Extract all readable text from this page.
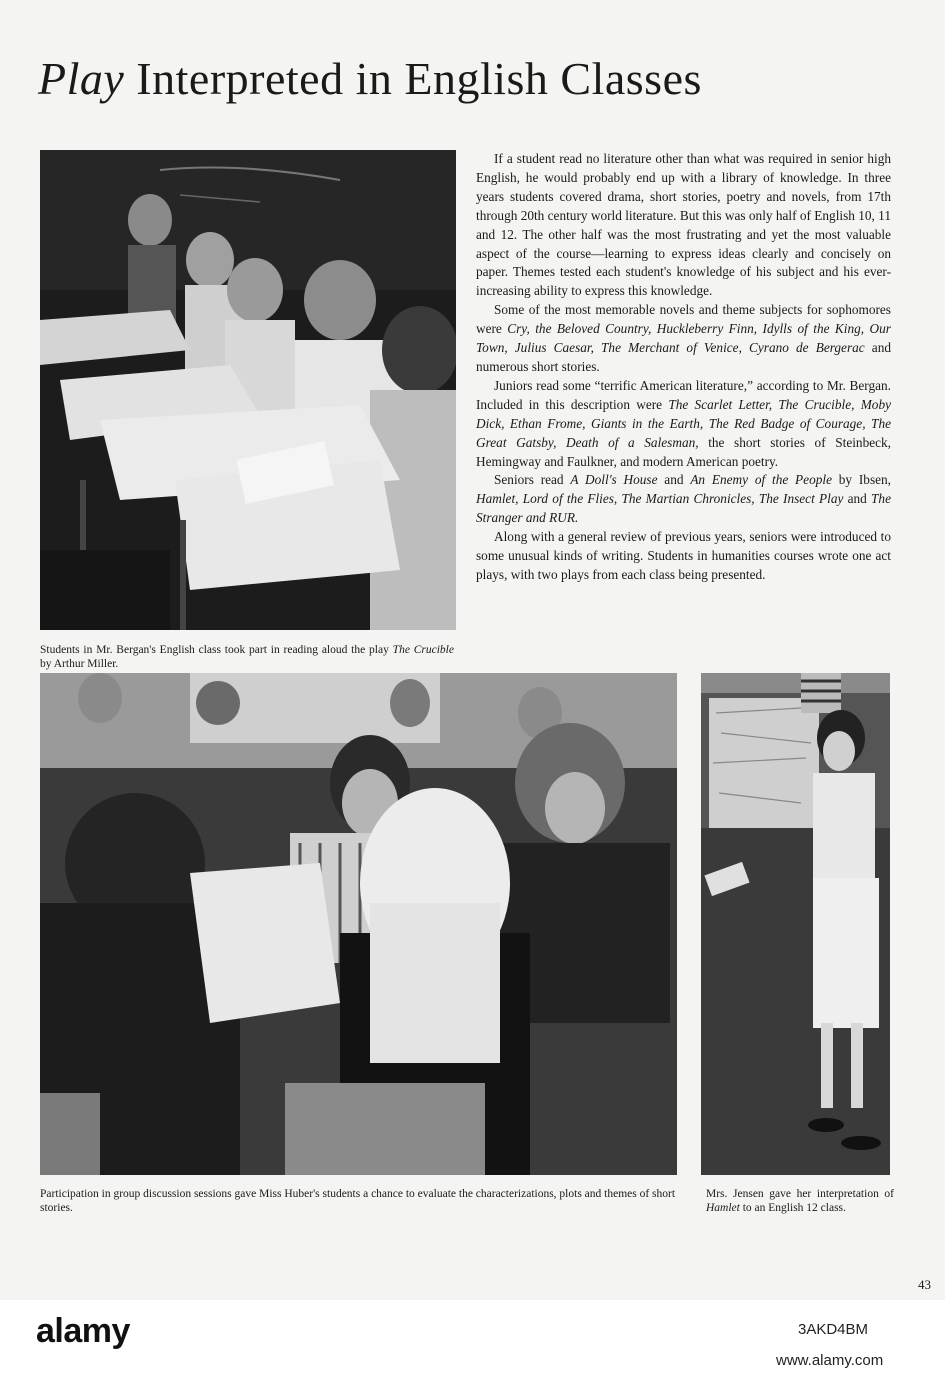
Play Interpreted in English Classes

Students in Mr. Bergan's English class took part in reading aloud the play The Crucible by Arthur Miller.

If a student read no literature other than what was required in senior high English, he would probably end up with a library of knowledge. In three years students covered drama, short stories, poetry and novels, from 17th through 20th century world literature. But this was only half of English 10, 11 and 12. The other half was the most frustrating and yet the most valuable aspect of the course—learning to express ideas clearly and concisely on paper. Themes tested each student's knowledge of his subject and his ever-increasing ability to express this knowledge.

Some of the most memorable novels and theme subjects for sophomores were Cry, the Beloved Country, Huckleberry Finn, Idylls of the King, Our Town, Julius Caesar, The Merchant of Venice, Cyrano de Bergerac and numerous short stories.

Juniors read some “terrific American literature,” according to Mr. Bergan. Included in this description were The Scarlet Letter, The Crucible, Moby Dick, Ethan Frome, Giants in the Earth, The Red Badge of Courage, The Great Gatsby, Death of a Salesman, the short stories of Steinbeck, Hemingway and Faulkner, and modern American poetry.

Seniors read A Doll's House and An Enemy of the People by Ibsen, Hamlet, Lord of the Flies, The Martian Chronicles, The Insect Play and The Stranger and RUR.

Along with a general review of previous years, seniors were introduced to some unusual kinds of writing. Students in humanities courses wrote one act plays, with two plays from each class being presented.

Participation in group discussion sessions gave Miss Huber's students a chance to evaluate the characterizations, plots and themes of short stories.

Mrs. Jensen gave her interpretation of Hamlet to an English 12 class.

43
alamy	3AKD4BM
www.alamy.com
